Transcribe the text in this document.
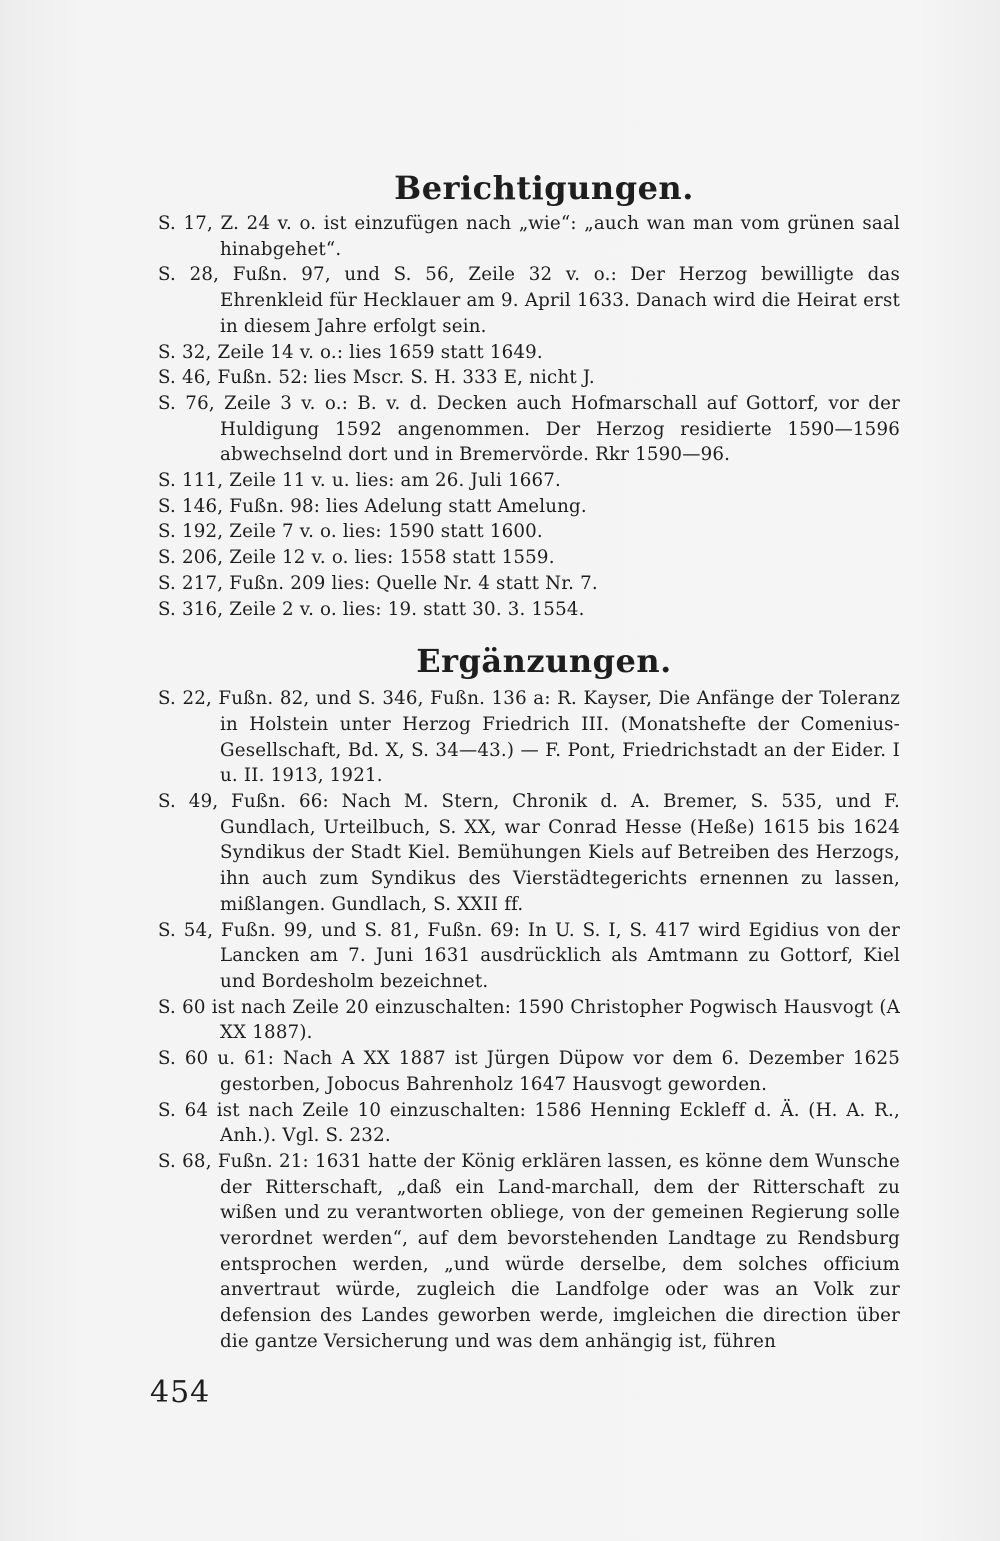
Berichtigungen.

S. 17, Z. 24 v. o. ist einzufügen nach „wie“: „auch wan man vom grünen saal hinabgehet“.

S. 28, Fußn. 97, und S. 56, Zeile 32 v. o.: Der Herzog bewilligte das Ehrenkleid für Hecklauer am 9. April 1633. Danach wird die Heirat erst in diesem Jahre erfolgt sein.

S. 32, Zeile 14 v. o.: lies 1659 statt 1649.

S. 46, Fußn. 52: lies Mscr. S. H. 333 E, nicht J.

S. 76, Zeile 3 v. o.: B. v. d. Decken auch Hofmarschall auf Gottorf, vor der Huldigung 1592 angenommen. Der Herzog residierte 1590—1596 abwechselnd dort und in Bremervörde. Rkr 1590—96.

S. 111, Zeile 11 v. u. lies: am 26. Juli 1667.

S. 146, Fußn. 98: lies Adelung statt Amelung.

S. 192, Zeile 7 v. o. lies: 1590 statt 1600.

S. 206, Zeile 12 v. o. lies: 1558 statt 1559.

S. 217, Fußn. 209 lies: Quelle Nr. 4 statt Nr. 7.

S. 316, Zeile 2 v. o. lies: 19. statt 30. 3. 1554.

Ergänzungen.

S. 22, Fußn. 82, und S. 346, Fußn. 136 a: R. Kayser, Die Anfänge der Toleranz in Holstein unter Herzog Friedrich III. (Monatshefte der Comenius-Gesellschaft, Bd. X, S. 34—43.) — F. Pont, Friedrichstadt an der Eider. I u. II. 1913, 1921.

S. 49, Fußn. 66: Nach M. Stern, Chronik d. A. Bremer, S. 535, und F. Gundlach, Urteilbuch, S. XX, war Conrad Hesse (Heße) 1615 bis 1624 Syndikus der Stadt Kiel. Bemühungen Kiels auf Betreiben des Herzogs, ihn auch zum Syndikus des Vierstädtegerichts ernennen zu lassen, mißlangen. Gundlach, S. XXII ff.

S. 54, Fußn. 99, und S. 81, Fußn. 69: In U. S. I, S. 417 wird Egidius von der Lancken am 7. Juni 1631 ausdrücklich als Amtmann zu Gottorf, Kiel und Bordesholm bezeichnet.

S. 60 ist nach Zeile 20 einzuschalten: 1590 Christopher Pogwisch Hausvogt (A XX 1887).

S. 60 u. 61: Nach A XX 1887 ist Jürgen Düpow vor dem 6. Dezember 1625 gestorben, Jobocus Bahrenholz 1647 Hausvogt geworden.

S. 64 ist nach Zeile 10 einzuschalten: 1586 Henning Eckleff d. Ä. (H. A. R., Anh.). Vgl. S. 232.

S. 68, Fußn. 21: 1631 hatte der König erklären lassen, es könne dem Wunsche der Ritterschaft, „daß ein Land-marchall, dem der Ritterschaft zu wißen und zu verantworten obliege, von der gemeinen Regierung solle verordnet werden“, auf dem bevorstehenden Landtage zu Rendsburg entsprochen werden, „und würde derselbe, dem solches officium anvertraut würde, zugleich die Landfolge oder was an Volk zur defension des Landes geworben werde, imgleichen die direction über die gantze Versicherung und was dem anhängig ist, führen

454
